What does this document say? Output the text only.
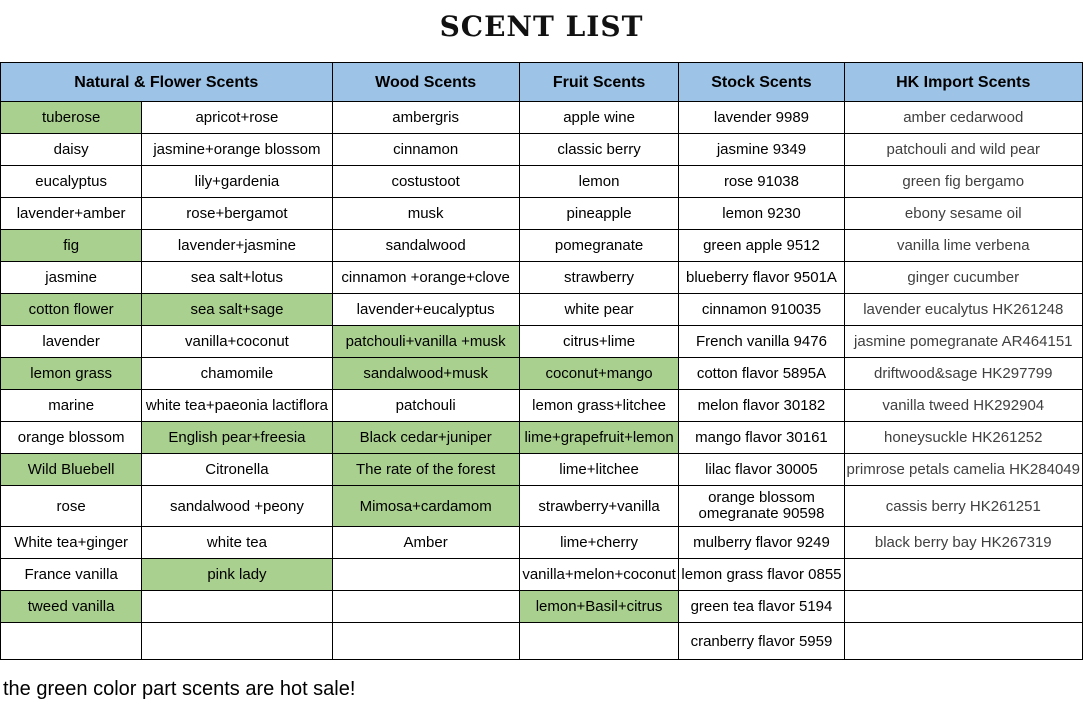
SCENT LIST
Natural & Flower Scents		Wood Scents	Fruit Scents	Stock Scents	HK Import Scents
tuberose	apricot+rose	ambergris	apple wine	lavender 9989	amber cedarwood
daisy	jasmine+orange blossom	cinnamon	classic berry	jasmine 9349	patchouli and wild pear
eucalyptus	lily+gardenia	costustoot	lemon	rose 91038	green fig bergamo
lavender+amber	rose+bergamot	musk	pineapple	lemon 9230	ebony sesame oil
fig	lavender+jasmine	sandalwood	pomegranate	green apple 9512	vanilla lime verbena
jasmine	sea salt+lotus	cinnamon +orange+clove	strawberry	blueberry flavor 9501A	ginger cucumber
cotton flower	sea salt+sage	lavender+eucalyptus	white pear	cinnamon 910035	lavender eucalytus HK261248
lavender	vanilla+coconut	patchouli+vanilla +musk	citrus+lime	French vanilla 9476	jasmine pomegranate AR464151
lemon grass	chamomile	sandalwood+musk	coconut+mango	cotton flavor 5895A	driftwood&sage HK297799
marine	white tea+paeonia lactiflora	patchouli	lemon grass+litchee	melon flavor 30182	vanilla tweed HK292904
orange blossom	English pear+freesia	Black cedar+juniper	lime+grapefruit+lemon	mango flavor 30161	honeysuckle HK261252
Wild Bluebell	Citronella	The rate of the forest	lime+litchee	lilac flavor 30005	primrose petals camelia HK284049
rose	sandalwood +peony	Mimosa+cardamom	strawberry+vanilla	orange blossom omegranate 90598	cassis berry HK261251
White tea+ginger	white tea	Amber	lime+cherry	mulberry flavor 9249	black berry bay HK267319
France vanilla	pink lady		vanilla+melon+coconut	lemon grass flavor 0855	
tweed vanilla			lemon+Basil+citrus	green tea flavor 5194	
				cranberry flavor 5959	
the green color part scents are hot sale!
